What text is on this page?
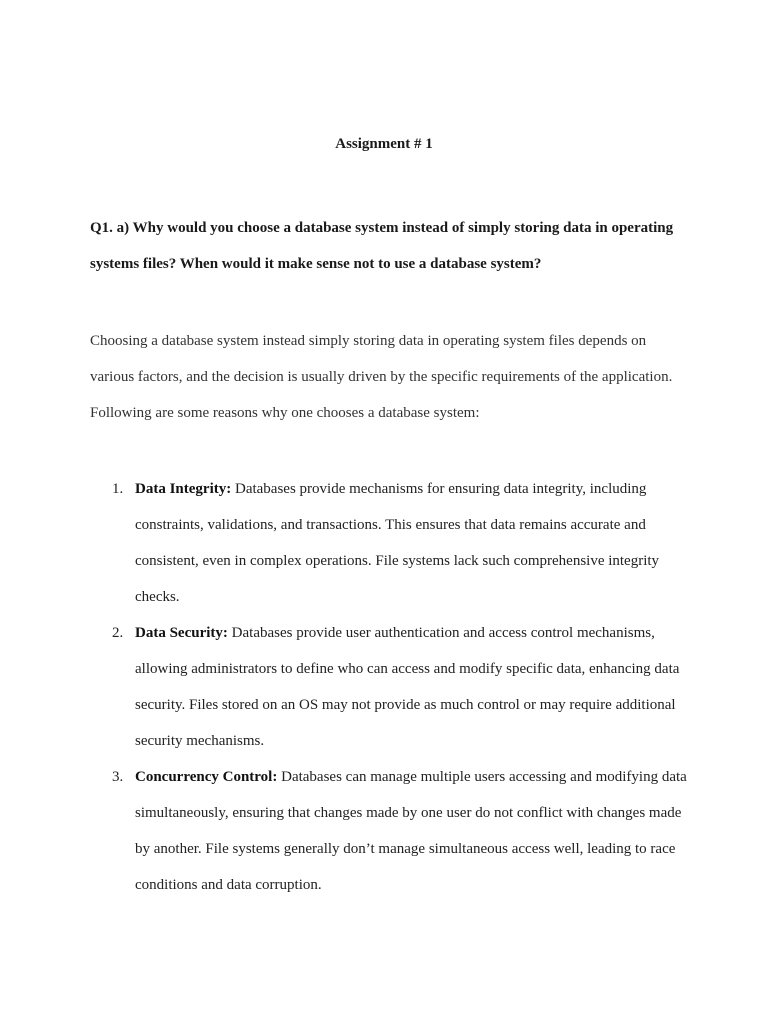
Assignment # 1
Q1. a) Why would you choose a database system instead of simply storing data in operating
systems files? When would it make sense not to use a database system?
Choosing a database system instead simply storing data in operating system files depends on
various factors, and the decision is usually driven by the specific requirements of the application.
Following are some reasons why one chooses a database system:
1. Data Integrity: Databases provide mechanisms for ensuring data integrity, including constraints, validations, and transactions. This ensures that data remains accurate and consistent, even in complex operations. File systems lack such comprehensive integrity checks.
2. Data Security: Databases provide user authentication and access control mechanisms, allowing administrators to define who can access and modify specific data, enhancing data security. Files stored on an OS may not provide as much control or may require additional security mechanisms.
3. Concurrency Control: Databases can manage multiple users accessing and modifying data simultaneously, ensuring that changes made by one user do not conflict with changes made by another. File systems generally don’t manage simultaneous access well, leading to race conditions and data corruption.
